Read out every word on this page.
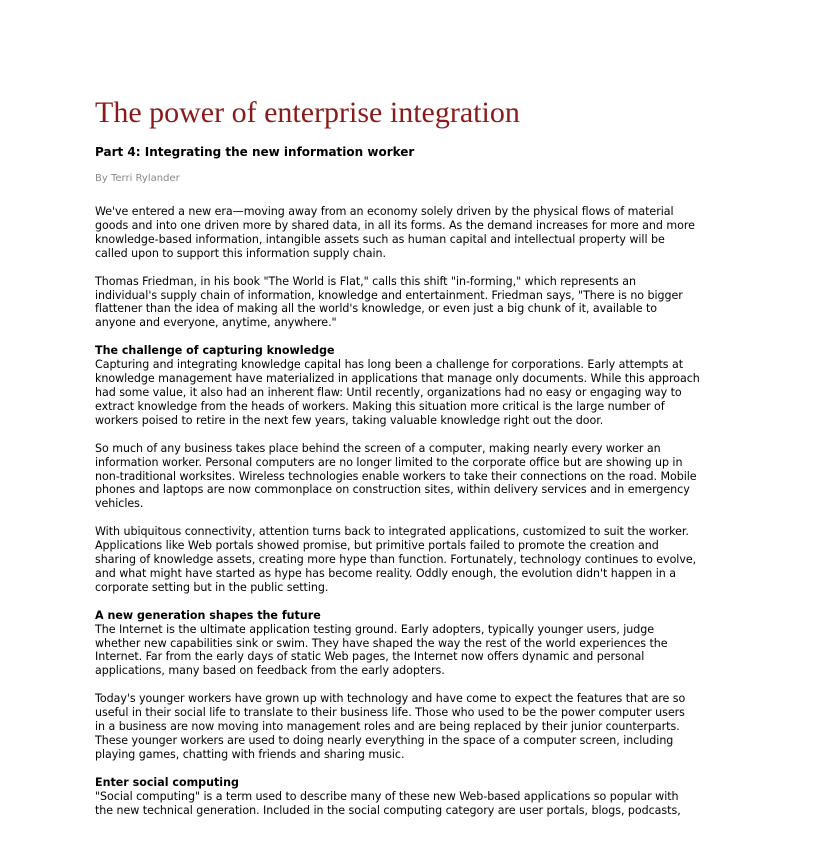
The power of enterprise integration
Part 4: Integrating the new information worker
By Terri Rylander

We've entered a new era—moving away from an economy solely driven by the physical flows of material
goods and into one driven more by shared data, in all its forms. As the demand increases for more and more
knowledge-based information, intangible assets such as human capital and intellectual property will be
called upon to support this information supply chain.

Thomas Friedman, in his book "The World is Flat," calls this shift "in-forming," which represents an
individual's supply chain of information, knowledge and entertainment. Friedman says, "There is no bigger
flattener than the idea of making all the world's knowledge, or even just a big chunk of it, available to
anyone and everyone, anytime, anywhere."

The challenge of capturing knowledge

Capturing and integrating knowledge capital has long been a challenge for corporations. Early attempts at
knowledge management have materialized in applications that manage only documents. While this approach
had some value, it also had an inherent flaw: Until recently, organizations had no easy or engaging way to
extract knowledge from the heads of workers. Making this situation more critical is the large number of
workers poised to retire in the next few years, taking valuable knowledge right out the door.

So much of any business takes place behind the screen of a computer, making nearly every worker an
information worker. Personal computers are no longer limited to the corporate office but are showing up in
non-traditional worksites. Wireless technologies enable workers to take their connections on the road. Mobile
phones and laptops are now commonplace on construction sites, within delivery services and in emergency
vehicles.

With ubiquitous connectivity, attention turns back to integrated applications, customized to suit the worker.
Applications like Web portals showed promise, but primitive portals failed to promote the creation and
sharing of knowledge assets, creating more hype than function. Fortunately, technology continues to evolve,
and what might have started as hype has become reality. Oddly enough, the evolution didn't happen in a
corporate setting but in the public setting.

A new generation shapes the future

The Internet is the ultimate application testing ground. Early adopters, typically younger users, judge
whether new capabilities sink or swim. They have shaped the way the rest of the world experiences the
Internet. Far from the early days of static Web pages, the Internet now offers dynamic and personal
applications, many based on feedback from the early adopters.

Today's younger workers have grown up with technology and have come to expect the features that are so
useful in their social life to translate to their business life. Those who used to be the power computer users
in a business are now moving into management roles and are being replaced by their junior counterparts.
These younger workers are used to doing nearly everything in the space of a computer screen, including
playing games, chatting with friends and sharing music.

Enter social computing

"Social computing" is a term used to describe many of these new Web-based applications so popular with
the new technical generation. Included in the social computing category are user portals, blogs, podcasts,
